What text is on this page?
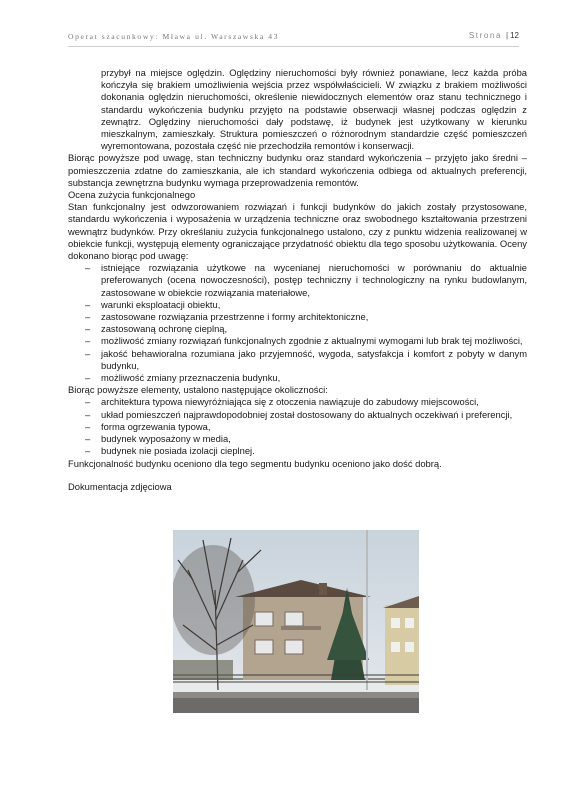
Operat szacunkowy: Mława ul. Warszawska 43	Strona | 12

przybył na miejsce oględzin. Oględziny nieruchomości były również ponawiane, lecz każda próba kończyła się brakiem umożliwienia wejścia przez współwłaścicieli. W związku z brakiem możliwości dokonania oględzin nieruchomości, określenie niewidocznych elementów oraz stanu technicznego i standardu wykończenia budynku przyjęto na podstawie obserwacji własnej podczas oględzin z zewnątrz. Oględziny nieruchomości dały podstawę, iż budynek jest użytkowany w kierunku mieszkalnym, zamieszkały. Struktura pomieszczeń o różnorodnym standardzie część pomieszczeń wyremontowana, pozostała część nie przechodziła remontów i konserwacji.

Biorąc powyższe pod uwagę, stan techniczny budynku oraz standard wykończenia – przyjęto jako średni – pomieszczenia zdatne do zamieszkania, ale ich standard wykończenia odbiega od aktualnych preferencji, substancja zewnętrzna budynku wymaga przeprowadzenia remontów.

Ocena zużycia funkcjonalnego

Stan funkcjonalny jest odwzorowaniem rozwiązań i funkcji budynków do jakich zostały przystosowane, standardu wykończenia i wyposażenia w urządzenia techniczne oraz swobodnego kształtowania przestrzeni wewnątrz budynków. Przy określaniu zużycia funkcjonalnego ustalono, czy z punktu widzenia realizowanej w obiekcie funkcji, występują elementy ograniczające przydatność obiektu dla tego sposobu użytkowania. Oceny dokonano biorąc pod uwagę:

– istniejące rozwiązania użytkowe na wycenianej nieruchomości w porównaniu do aktualnie preferowanych (ocena nowoczesności), postęp techniczny i technologiczny na rynku budowlanym, zastosowane w obiekcie rozwiązania materiałowe,
– warunki eksploatacji obiektu,
– zastosowane rozwiązania przestrzenne i formy architektoniczne,
– zastosowaną ochronę cieplną,
– możliwość zmiany rozwiązań funkcjonalnych zgodnie z aktualnymi wymogami lub brak tej możliwości,
– jakość behawioralna rozumiana jako przyjemność, wygoda, satysfakcja i komfort z pobyty w danym budynku,
– możliwość zmiany przeznaczenia budynku,

Biorąc powyższe elementy, ustalono następujące okoliczności:

– architektura typowa niewyróżniająca się z otoczenia nawiązuje do zabudowy miejscowości,
– układ pomieszczeń najprawdopodobniej został dostosowany do aktualnych oczekiwań i preferencji,
– forma ogrzewania typowa,
– budynek wyposażony w media,
– budynek nie posiada izolacji cieplnej.

Funkcjonalność budynku oceniono dla tego segmentu budynku oceniono jako dość dobrą.

Dokumentacja zdjęciowa
